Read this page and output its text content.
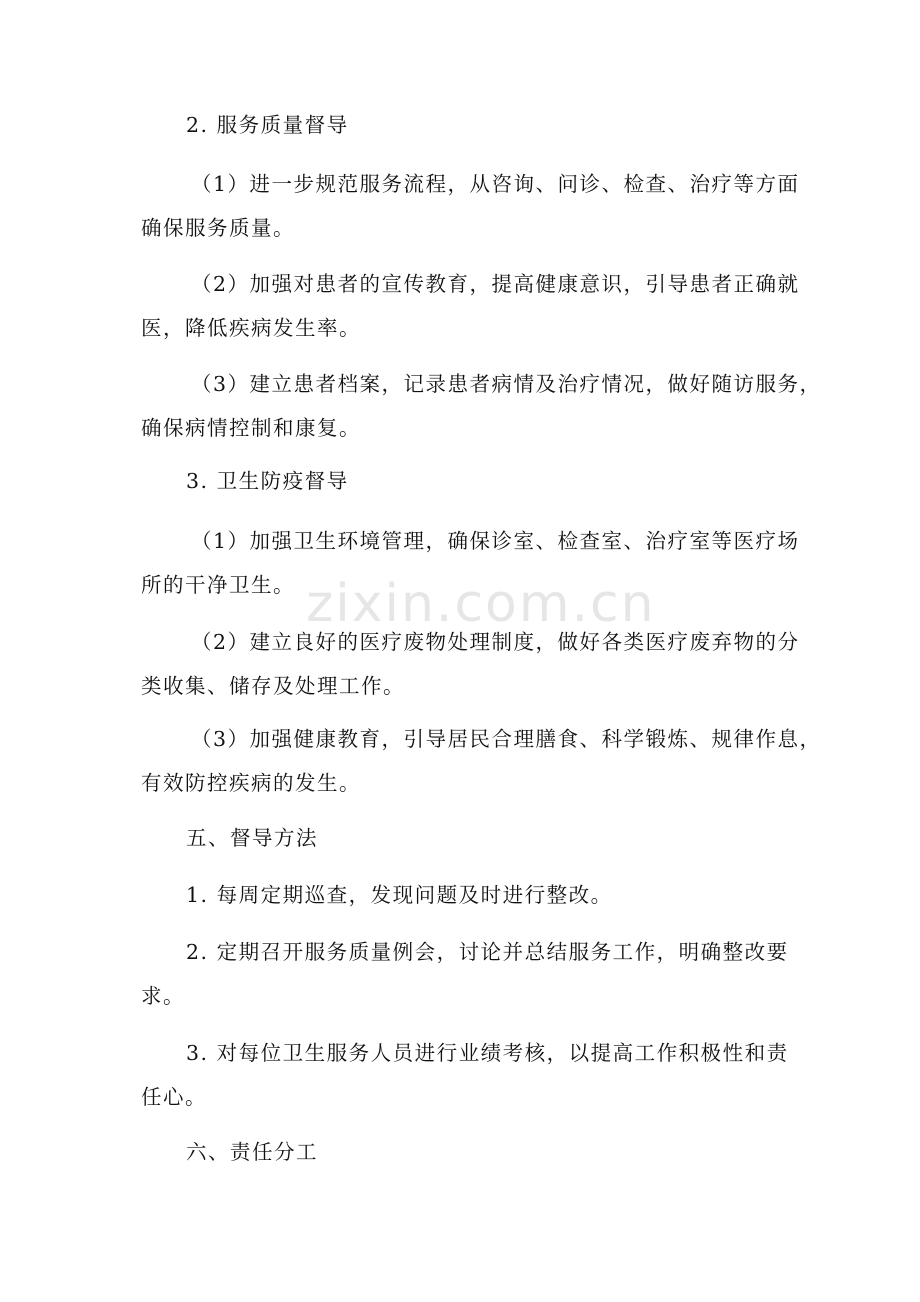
zixin.com.cn
2. 服务质量督导
（1）进一步规范服务流程，从咨询、问诊、检查、治疗等方面
确保服务质量。
（2）加强对患者的宣传教育，提高健康意识，引导患者正确就
医，降低疾病发生率。
（3）建立患者档案，记录患者病情及治疗情况，做好随访服务，
确保病情控制和康复。
3. 卫生防疫督导
（1）加强卫生环境管理，确保诊室、检查室、治疗室等医疗场
所的干净卫生。
（2）建立良好的医疗废物处理制度，做好各类医疗废弃物的分
类收集、储存及处理工作。
（3）加强健康教育，引导居民合理膳食、科学锻炼、规律作息，
有效防控疾病的发生。
五、督导方法
1. 每周定期巡查，发现问题及时进行整改。
2. 定期召开服务质量例会，讨论并总结服务工作，明确整改要
求。
3. 对每位卫生服务人员进行业绩考核，以提高工作积极性和责
任心。
六、责任分工
